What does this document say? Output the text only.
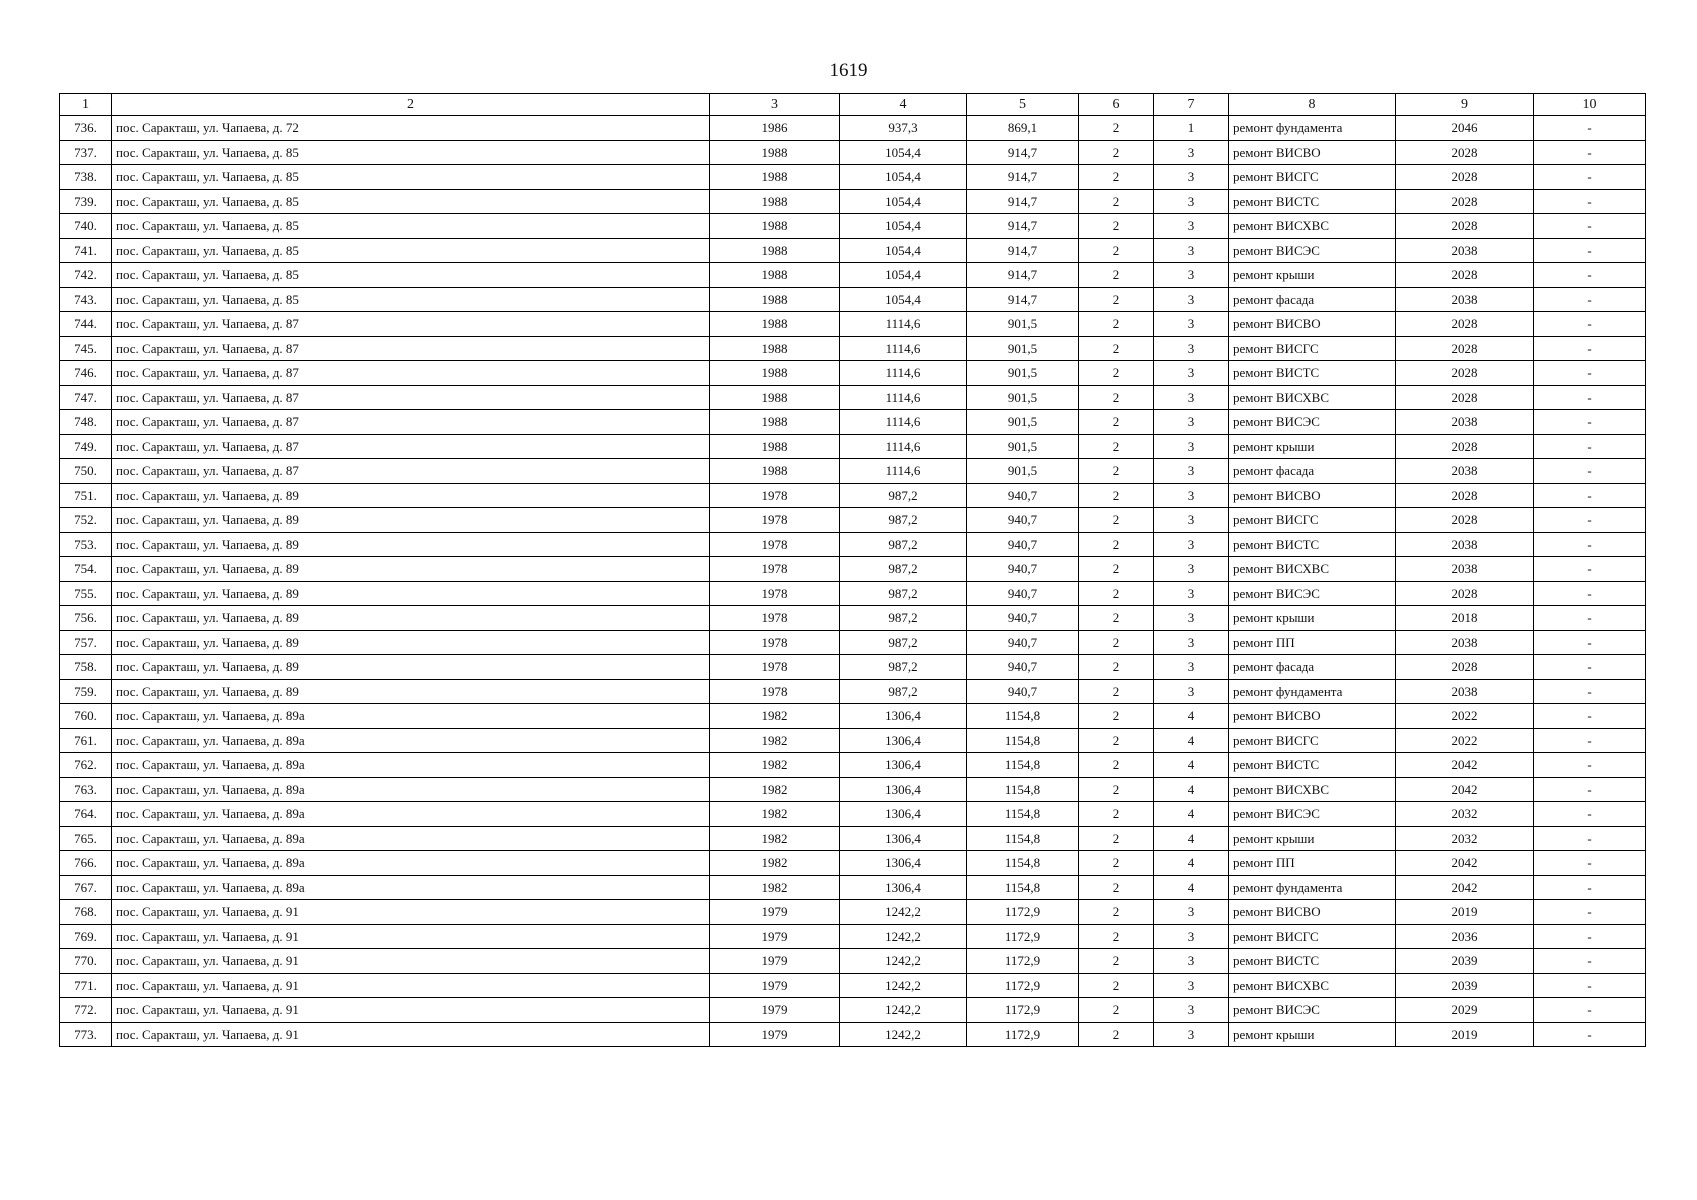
1619
1	2	3	4	5	6	7	8	9	10
736.	пос. Саракташ, ул. Чапаева, д. 72	1986	937,3	869,1	2	1	ремонт фундамента	2046	-
737.	пос. Саракташ, ул. Чапаева, д. 85	1988	1054,4	914,7	2	3	ремонт ВИСВО	2028	-
738.	пос. Саракташ, ул. Чапаева, д. 85	1988	1054,4	914,7	2	3	ремонт ВИСГС	2028	-
739.	пос. Саракташ, ул. Чапаева, д. 85	1988	1054,4	914,7	2	3	ремонт ВИСТС	2028	-
740.	пос. Саракташ, ул. Чапаева, д. 85	1988	1054,4	914,7	2	3	ремонт ВИСХВС	2028	-
741.	пос. Саракташ, ул. Чапаева, д. 85	1988	1054,4	914,7	2	3	ремонт ВИСЭС	2038	-
742.	пос. Саракташ, ул. Чапаева, д. 85	1988	1054,4	914,7	2	3	ремонт крыши	2028	-
743.	пос. Саракташ, ул. Чапаева, д. 85	1988	1054,4	914,7	2	3	ремонт фасада	2038	-
744.	пос. Саракташ, ул. Чапаева, д. 87	1988	1114,6	901,5	2	3	ремонт ВИСВО	2028	-
745.	пос. Саракташ, ул. Чапаева, д. 87	1988	1114,6	901,5	2	3	ремонт ВИСГС	2028	-
746.	пос. Саракташ, ул. Чапаева, д. 87	1988	1114,6	901,5	2	3	ремонт ВИСТС	2028	-
747.	пос. Саракташ, ул. Чапаева, д. 87	1988	1114,6	901,5	2	3	ремонт ВИСХВС	2028	-
748.	пос. Саракташ, ул. Чапаева, д. 87	1988	1114,6	901,5	2	3	ремонт ВИСЭС	2038	-
749.	пос. Саракташ, ул. Чапаева, д. 87	1988	1114,6	901,5	2	3	ремонт крыши	2028	-
750.	пос. Саракташ, ул. Чапаева, д. 87	1988	1114,6	901,5	2	3	ремонт фасада	2038	-
751.	пос. Саракташ, ул. Чапаева, д. 89	1978	987,2	940,7	2	3	ремонт ВИСВО	2028	-
752.	пос. Саракташ, ул. Чапаева, д. 89	1978	987,2	940,7	2	3	ремонт ВИСГС	2028	-
753.	пос. Саракташ, ул. Чапаева, д. 89	1978	987,2	940,7	2	3	ремонт ВИСТС	2038	-
754.	пос. Саракташ, ул. Чапаева, д. 89	1978	987,2	940,7	2	3	ремонт ВИСХВС	2038	-
755.	пос. Саракташ, ул. Чапаева, д. 89	1978	987,2	940,7	2	3	ремонт ВИСЭС	2028	-
756.	пос. Саракташ, ул. Чапаева, д. 89	1978	987,2	940,7	2	3	ремонт крыши	2018	-
757.	пос. Саракташ, ул. Чапаева, д. 89	1978	987,2	940,7	2	3	ремонт ПП	2038	-
758.	пос. Саракташ, ул. Чапаева, д. 89	1978	987,2	940,7	2	3	ремонт фасада	2028	-
759.	пос. Саракташ, ул. Чапаева, д. 89	1978	987,2	940,7	2	3	ремонт фундамента	2038	-
760.	пос. Саракташ, ул. Чапаева, д. 89а	1982	1306,4	1154,8	2	4	ремонт ВИСВО	2022	-
761.	пос. Саракташ, ул. Чапаева, д. 89а	1982	1306,4	1154,8	2	4	ремонт ВИСГС	2022	-
762.	пос. Саракташ, ул. Чапаева, д. 89а	1982	1306,4	1154,8	2	4	ремонт ВИСТС	2042	-
763.	пос. Саракташ, ул. Чапаева, д. 89а	1982	1306,4	1154,8	2	4	ремонт ВИСХВС	2042	-
764.	пос. Саракташ, ул. Чапаева, д. 89а	1982	1306,4	1154,8	2	4	ремонт ВИСЭС	2032	-
765.	пос. Саракташ, ул. Чапаева, д. 89а	1982	1306,4	1154,8	2	4	ремонт крыши	2032	-
766.	пос. Саракташ, ул. Чапаева, д. 89а	1982	1306,4	1154,8	2	4	ремонт ПП	2042	-
767.	пос. Саракташ, ул. Чапаева, д. 89а	1982	1306,4	1154,8	2	4	ремонт фундамента	2042	-
768.	пос. Саракташ, ул. Чапаева, д. 91	1979	1242,2	1172,9	2	3	ремонт ВИСВО	2019	-
769.	пос. Саракташ, ул. Чапаева, д. 91	1979	1242,2	1172,9	2	3	ремонт ВИСГС	2036	-
770.	пос. Саракташ, ул. Чапаева, д. 91	1979	1242,2	1172,9	2	3	ремонт ВИСТС	2039	-
771.	пос. Саракташ, ул. Чапаева, д. 91	1979	1242,2	1172,9	2	3	ремонт ВИСХВС	2039	-
772.	пос. Саракташ, ул. Чапаева, д. 91	1979	1242,2	1172,9	2	3	ремонт ВИСЭС	2029	-
773.	пос. Саракташ, ул. Чапаева, д. 91	1979	1242,2	1172,9	2	3	ремонт крыши	2019	-
